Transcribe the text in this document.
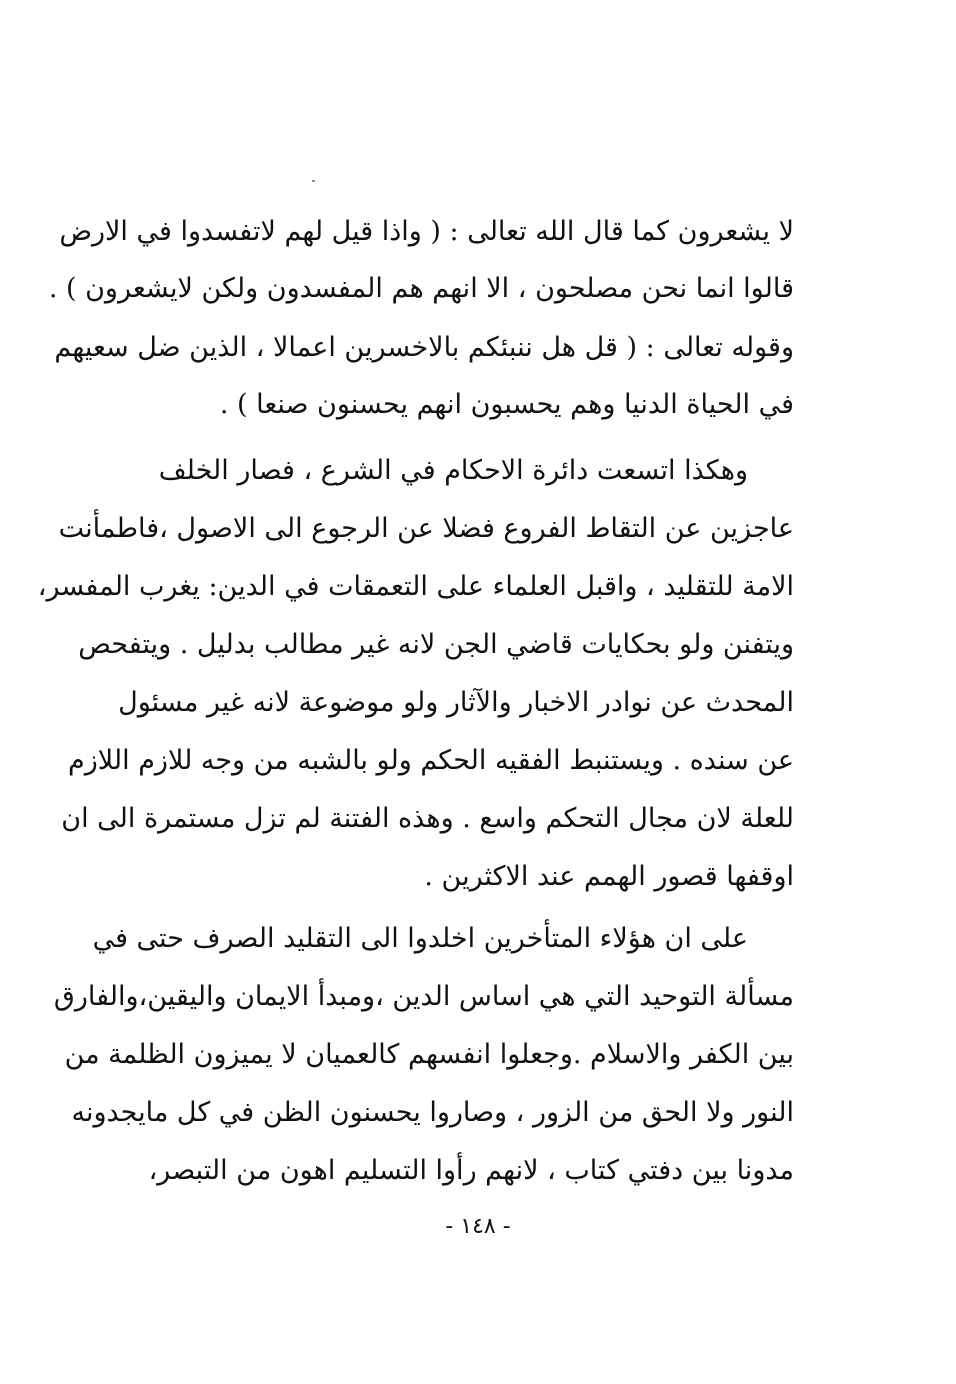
لا يشعرون كما قال الله تعالى : ( واذا قيل لهم لاتفسدوا في الارض
قالوا انما نحن مصلحون ، الا انهم هم المفسدون ولكن لايشعرون ) .
وقوله تعالى : ( قل هل ننبئكم بالاخسرين اعمالا ، الذين ضل سعيهم
في الحياة الدنيا وهم يحسبون انهم يحسنون صنعا ) .
وهكذا اتسعت دائرة الاحكام في الشرع ، فصار الخلف
عاجزين عن التقاط الفروع فضلا عن الرجوع الى الاصول ،فاطمأنت
الامة للتقليد ، واقبل العلماء على التعمقات في الدين: يغرب المفسر،
ويتفنن ولو بحكايات قاضي الجن لانه غير مطالب بدليل . ويتفحص
المحدث عن نوادر الاخبار والآثار ولو موضوعة لانه غير مسئول
عن سنده . ويستنبط الفقيه الحكم ولو بالشبه من وجه للازم اللازم
للعلة لان مجال التحكم واسع . وهذه الفتنة لم تزل مستمرة الى ان
اوقفها قصور الهمم عند الاكثرين .
على ان هؤلاء المتأخرين اخلدوا الى التقليد الصرف حتى في
مسألة التوحيد التي هي اساس الدين ،ومبدأ الايمان واليقين،والفارق
بين الكفر والاسلام .وجعلوا انفسهم كالعميان لا يميزون الظلمة من
النور ولا الحق من الزور ، وصاروا يحسنون الظن في كل مايجدونه
مدونا بين دفتي كتاب ، لانهم رأوا التسليم اهون من التبصر،
- ١٤٨ -
